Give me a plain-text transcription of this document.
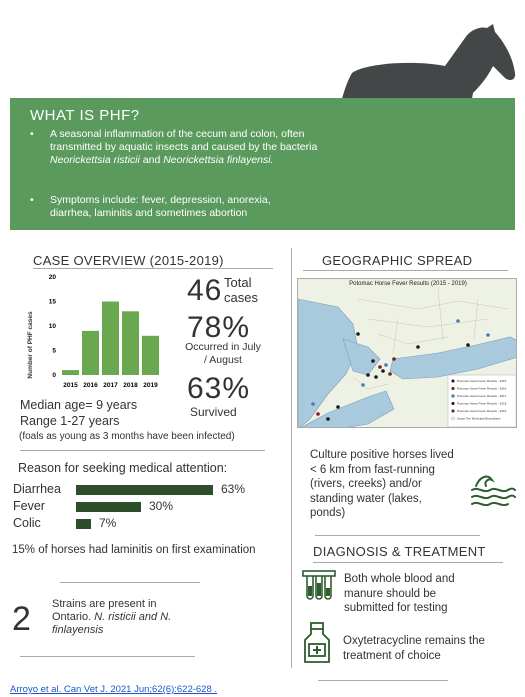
WHAT IS PHF?
• A seasonal inflammation of the cecum and colon, often transmitted by aquatic insects and caused by the bacteria Neorickettsia risticii and Neorickettsia finlayensi.
• Symptoms include: fever, depression, anorexia, diarrhea, laminitis and sometimes abortion
CASE OVERVIEW (2015-2019)
Number of PHF cases	0
5
10
15
20
2015 2016 2017 2018 2019
46 Total cases
78%
Occurred in July / August
63%
Survived
Median age= 9 years
Range 1-27 years
(foals as young as 3 months have been infected)
Reason for seeking medical attention:
Diarrhea	63%
Fever	30%
Colic	7%
15% of horses had laminitis on first examination
2 Strains are present in Ontario. N. risticii and N. finlayensis
Arroyo et al. Can Vet J. 2021 Jun;62(6):622-628 .
GEOGRAPHIC SPREAD
Potomac Horse Fever Results - 2015
Potomac Horse Fever Results - 2016
Potomac Horse Fever Results - 2017
Potomac Horse Fever Results - 2018
Potomac Horse Fever Results - 2019
Upper Tier Municipal Boundaries
Potomac Horse Fever Results (2015 - 2019)
Culture positive horses lived < 6 km from fast-running (rivers, creeks) and/or standing water (lakes, ponds)
DIAGNOSIS & TREATMENT
Both whole blood and manure should be submitted for testing
Oxytetracycline remains the treatment of choice
